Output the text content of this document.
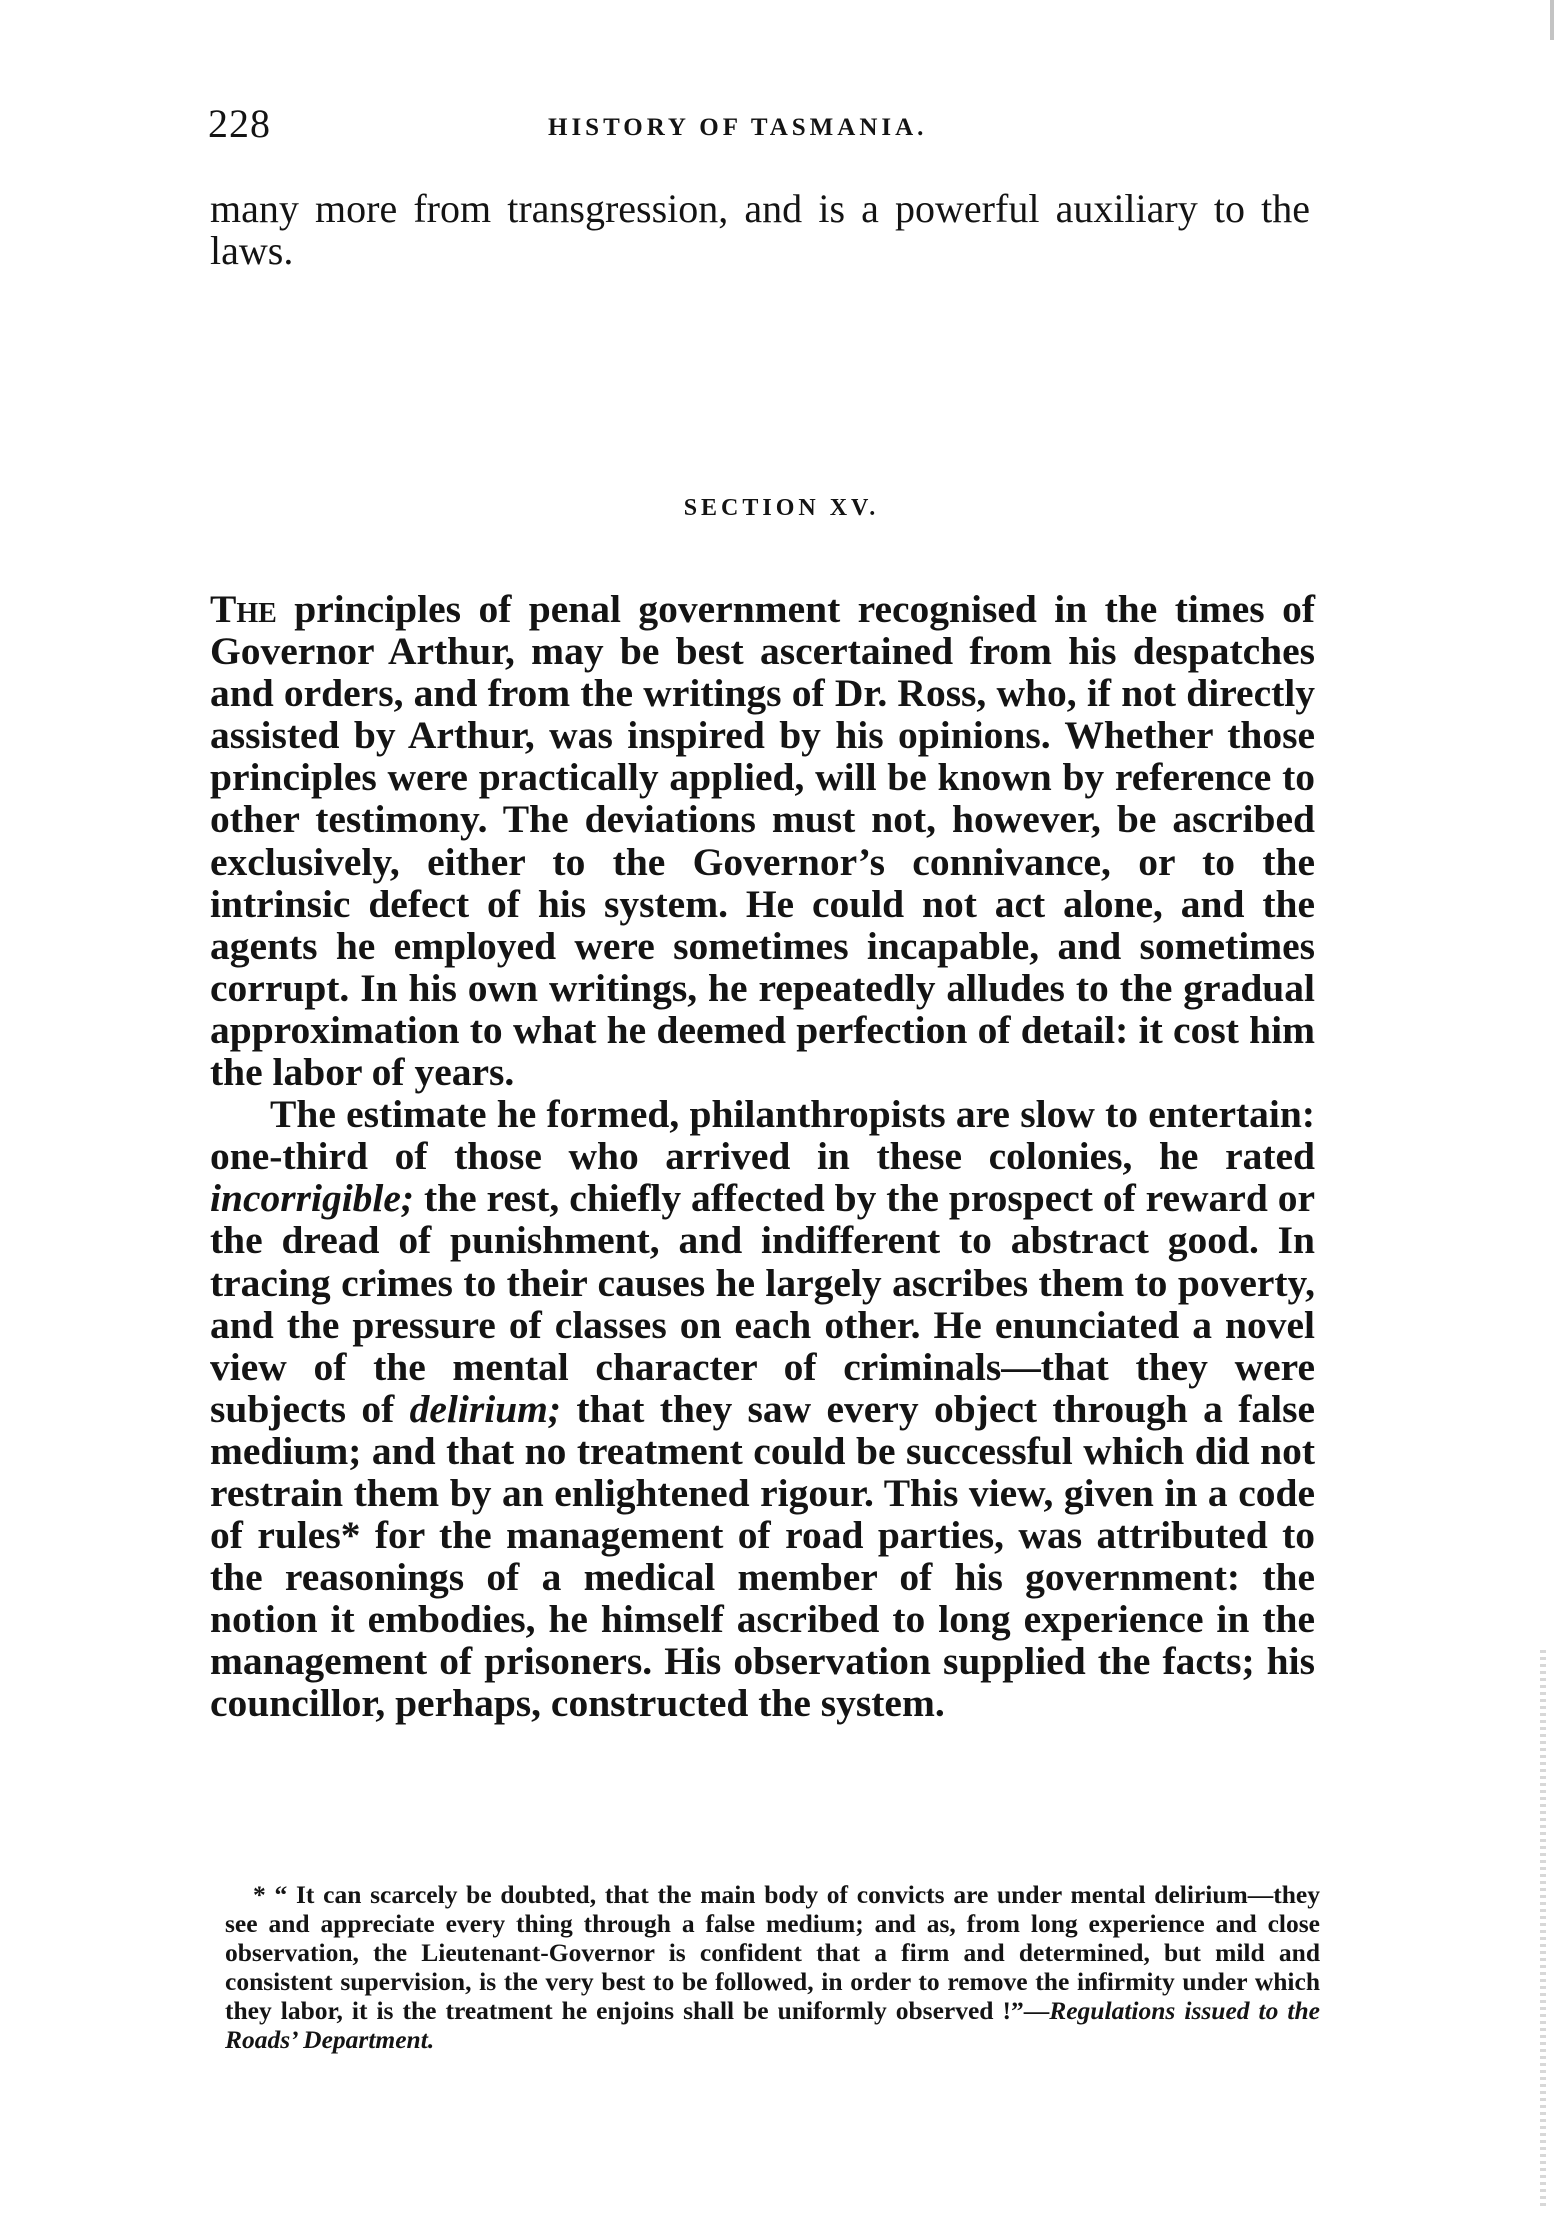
228	HISTORY OF TASMANIA.
many more from transgression, and is a powerful auxiliary to the laws.
SECTION XV.

The principles of penal government recognised in the times of Governor Arthur, may be best ascertained from his despatches and orders, and from the writings of Dr. Ross, who, if not directly assisted by Arthur, was inspired by his opinions. Whether those principles were practically applied, will be known by reference to other testimony. The deviations must not, however, be ascribed exclusively, either to the Governor’s connivance, or to the intrinsic defect of his system. He could not act alone, and the agents he employed were sometimes incapable, and sometimes corrupt. In his own writings, he repeatedly alludes to the gradual approximation to what he deemed perfection of detail: it cost him the labor of years.

The estimate he formed, philanthropists are slow to entertain: one-third of those who arrived in these colonies, he rated incorrigible; the rest, chiefly affected by the prospect of reward or the dread of punishment, and indifferent to abstract good. In tracing crimes to their causes he largely ascribes them to poverty, and the pressure of classes on each other. He enunciated a novel view of the mental character of criminals—that they were subjects of delirium; that they saw every object through a false medium; and that no treatment could be successful which did not restrain them by an enlightened rigour. This view, given in a code of rules* for the management of road parties, was attributed to the reasonings of a medical member of his government: the notion it embodies, he himself ascribed to long experience in the management of prisoners. His observation supplied the facts; his councillor, perhaps, constructed the system.

* “ It can scarcely be doubted, that the main body of convicts are under mental delirium—they see and appreciate every thing through a false medium; and as, from long experience and close observation, the Lieutenant-Governor is confident that a firm and determined, but mild and consistent supervision, is the very best to be followed, in order to remove the infirmity under which they labor, it is the treatment he enjoins shall be uniformly observed !”—Regulations issued to the Roads’ Department.
